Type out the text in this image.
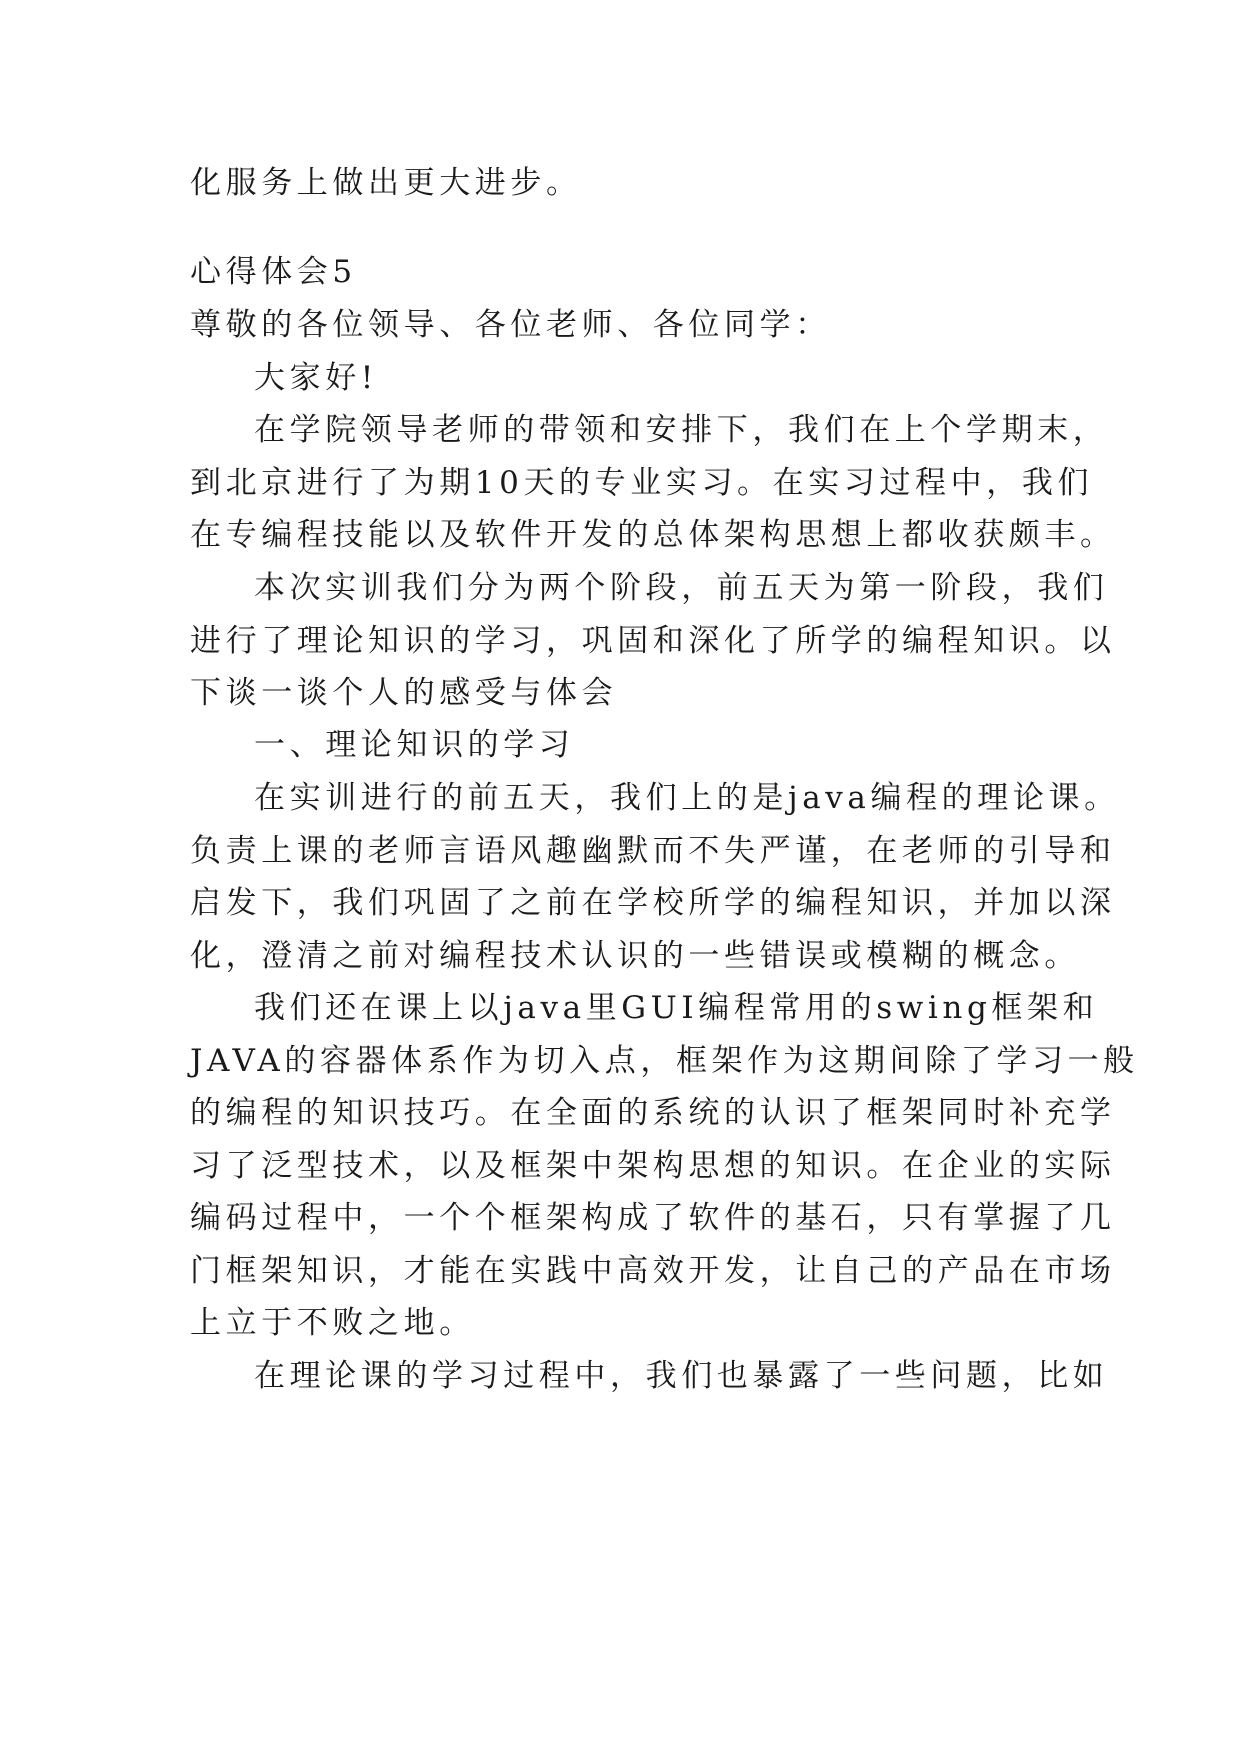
化服务上做出更大进步。

心得体会5

尊敬的各位领导、各位老师、各位同学：

大家好!

在学院领导老师的带领和安排下，我们在上个学期末，

到北京进行了为期10天的专业实习。在实习过程中，我们

在专编程技能以及软件开发的总体架构思想上都收获颇丰。

本次实训我们分为两个阶段，前五天为第一阶段，我们

进行了理论知识的学习，巩固和深化了所学的编程知识。以

下谈一谈个人的感受与体会

一、理论知识的学习

在实训进行的前五天，我们上的是java编程的理论课。

负责上课的老师言语风趣幽默而不失严谨，在老师的引导和

启发下，我们巩固了之前在学校所学的编程知识，并加以深

化，澄清之前对编程技术认识的一些错误或模糊的概念。

我们还在课上以java里GUI编程常用的swing框架和

JAVA的容器体系作为切入点，框架作为这期间除了学习一般

的编程的知识技巧。在全面的系统的认识了框架同时补充学

习了泛型技术，以及框架中架构思想的知识。在企业的实际

编码过程中，一个个框架构成了软件的基石，只有掌握了几

门框架知识，才能在实践中高效开发，让自己的产品在市场

上立于不败之地。

在理论课的学习过程中，我们也暴露了一些问题，比如
